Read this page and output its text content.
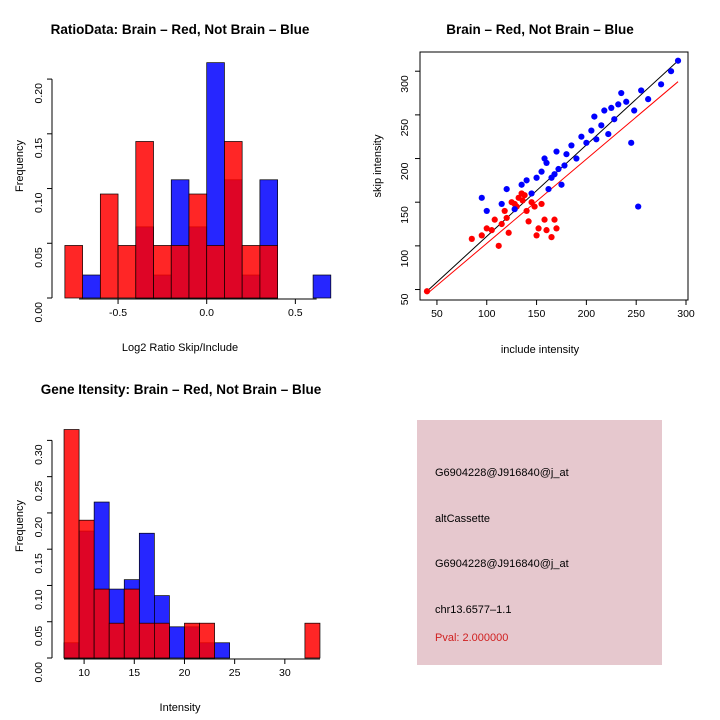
RatioData: Brain – Red, Not Brain – Blue
-0.5	0.0	0.5
0.00
0.05
0.10
0.15
0.20
Log2 Ratio Skip/Include
Frequency
Brain – Red, Not Brain – Blue
50	100	150	200	250	300
50
100
150
200
250
300
include intensity
skip intensity
Gene Itensity: Brain – Red, Not Brain – Blue
10	15	20	25	30
0.00
0.05
0.10
0.15
0.20
0.25
0.30
Intensity
Frequency
G6904228@J916840@j_at
altCassette
G6904228@J916840@j_at
chr13.6577–1.1
Pval: 2.000000
